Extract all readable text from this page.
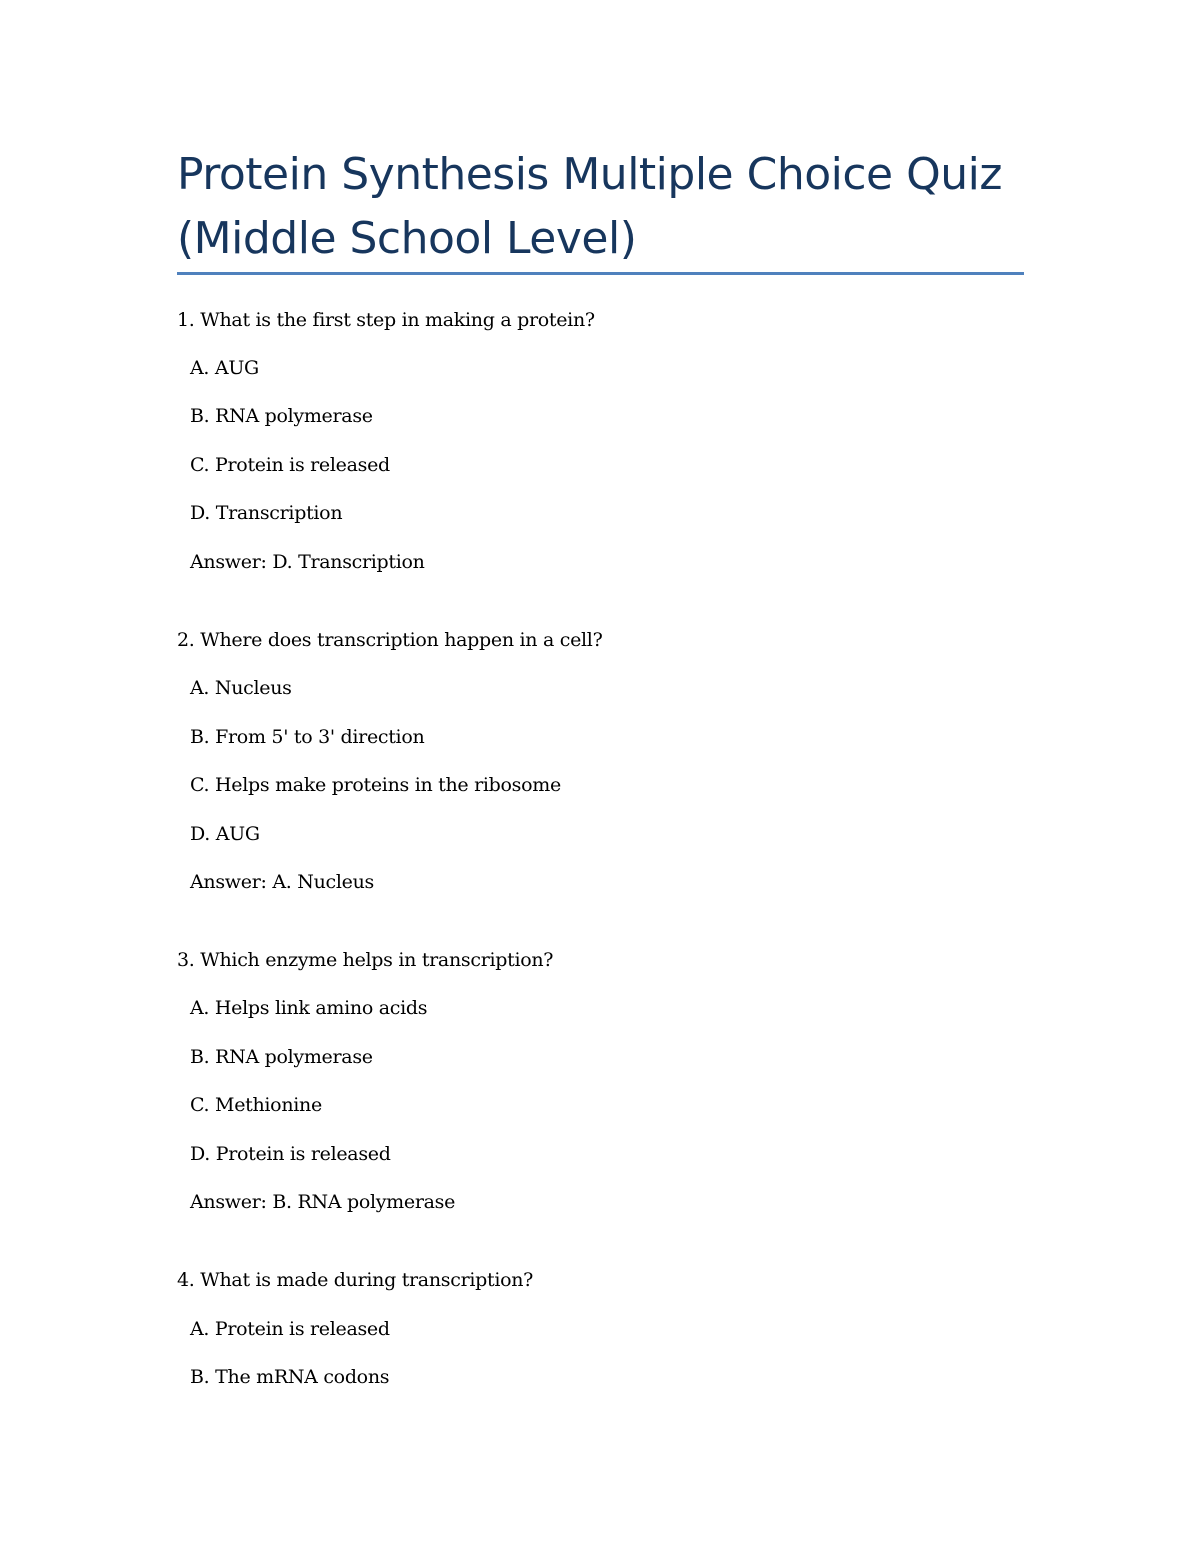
Protein Synthesis Multiple Choice Quiz
(Middle School Level)
1. What is the first step in making a protein?
A. AUG
B. RNA polymerase
C. Protein is released
D. Transcription
Answer: D. Transcription
2. Where does transcription happen in a cell?
A. Nucleus
B. From 5' to 3' direction
C. Helps make proteins in the ribosome
D. AUG
Answer: A. Nucleus
3. Which enzyme helps in transcription?
A. Helps link amino acids
B. RNA polymerase
C. Methionine
D. Protein is released
Answer: B. RNA polymerase
4. What is made during transcription?
A. Protein is released
B. The mRNA codons
